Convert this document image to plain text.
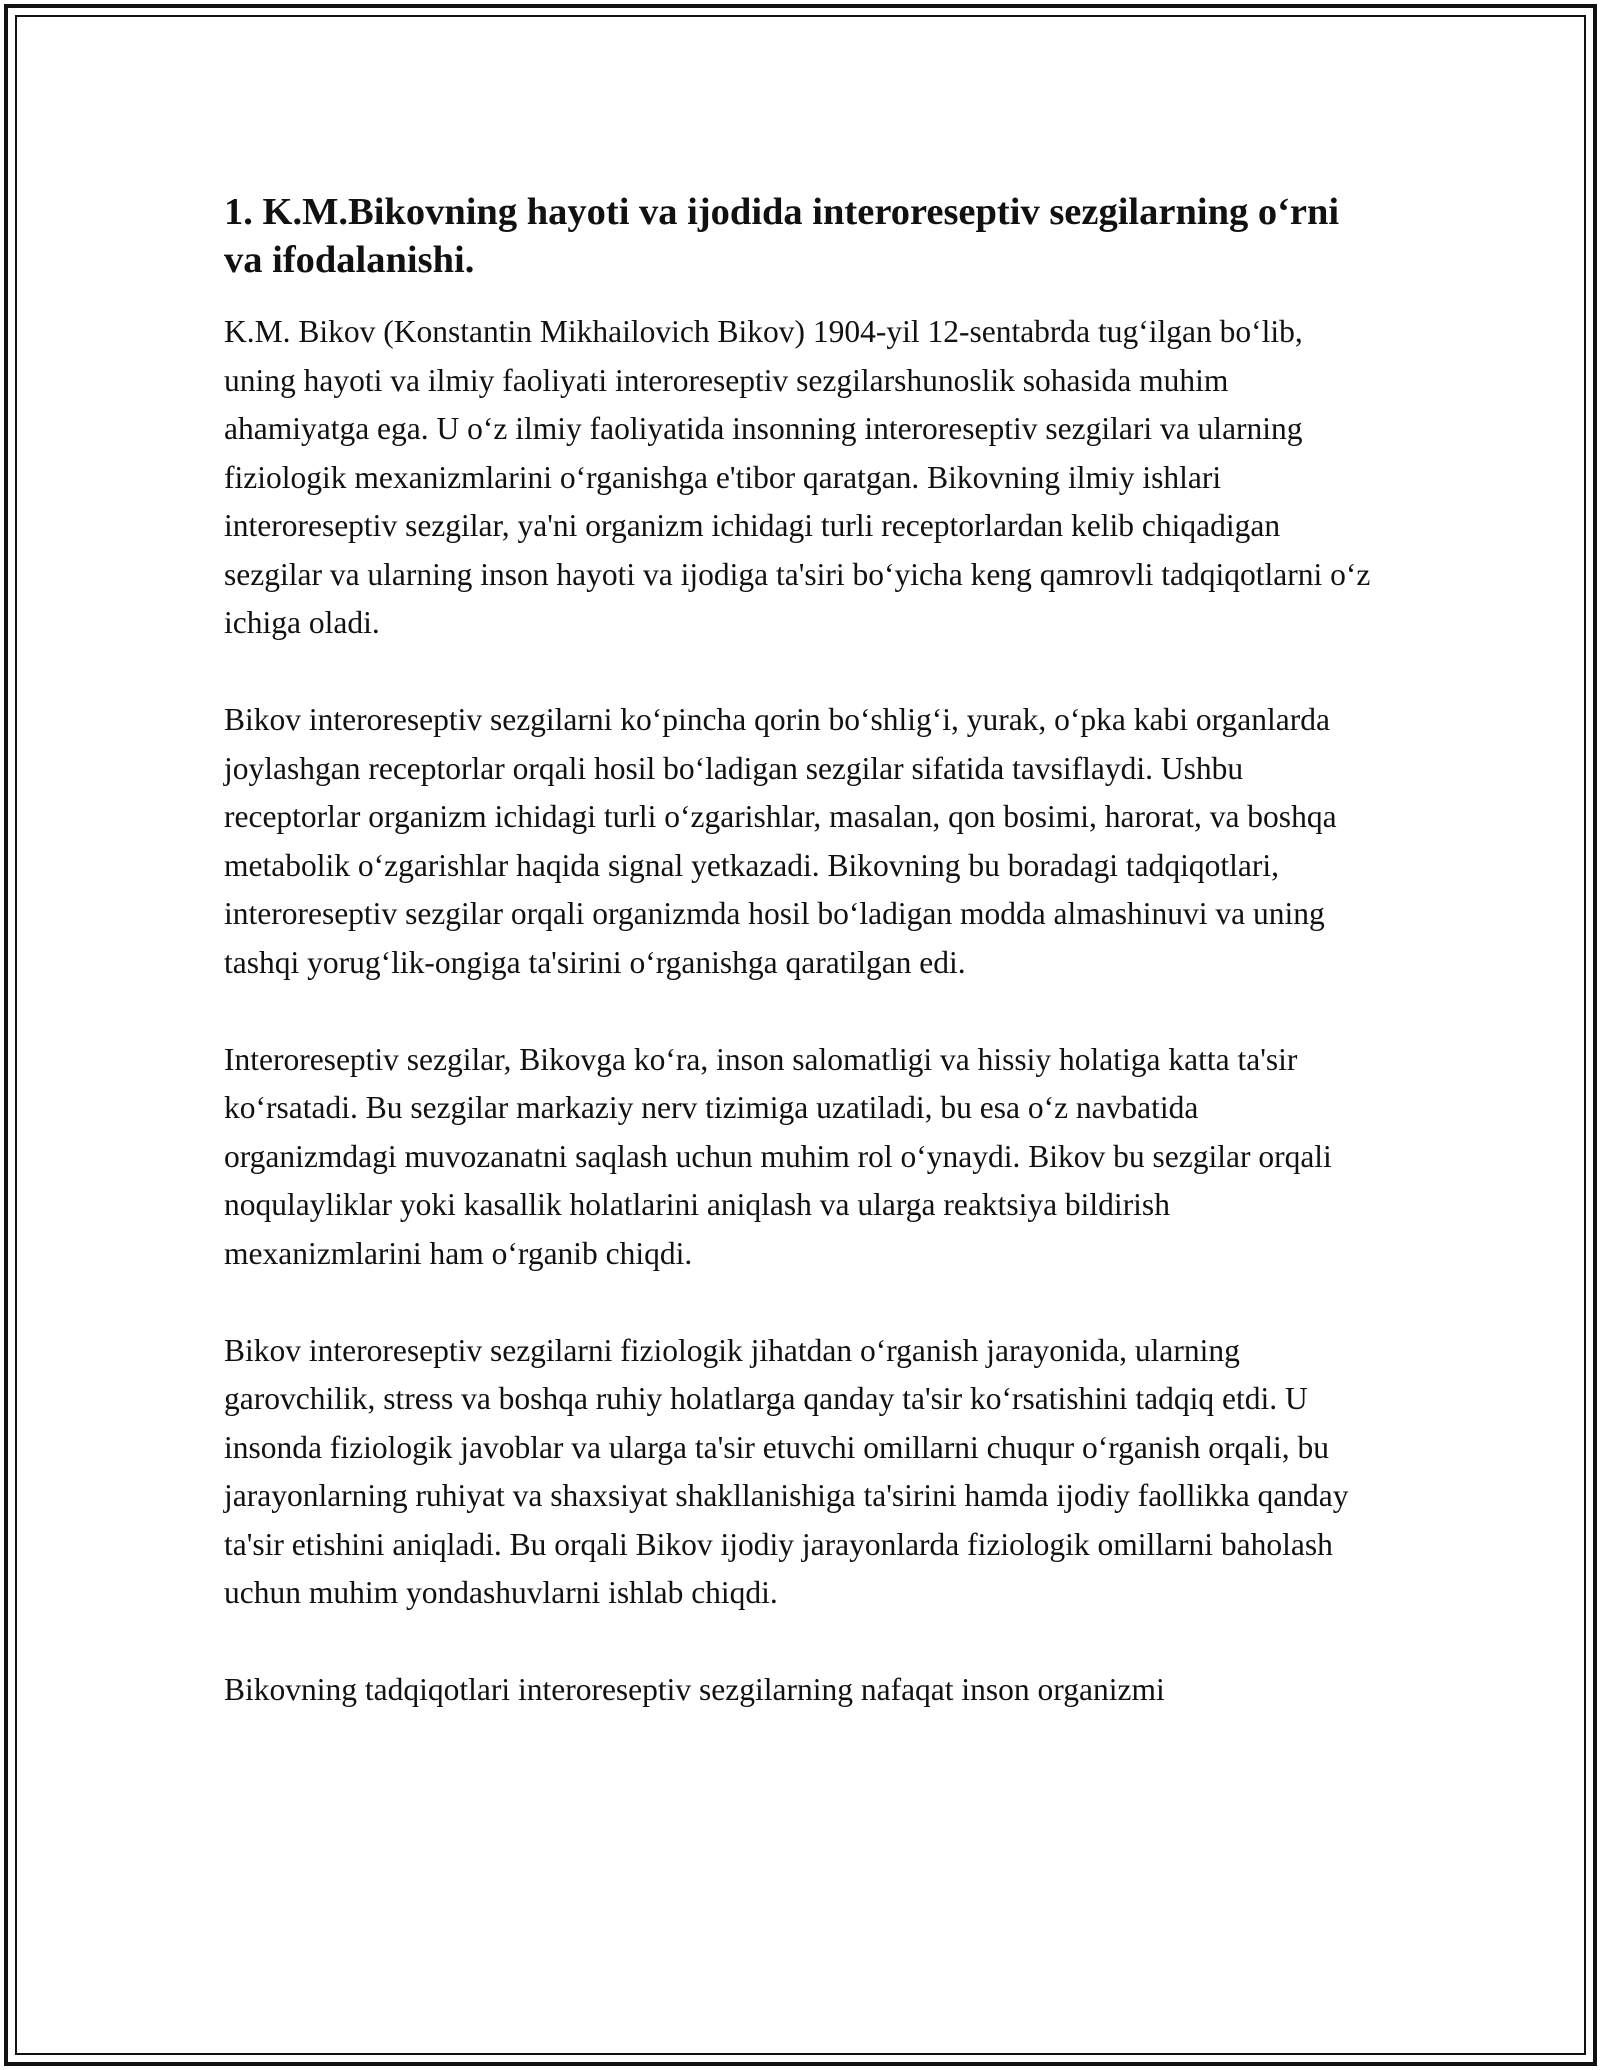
1. K.M.Bikovning hayoti va ijodida interoreseptiv sezgilarning o‘rni va ifodalanishi.
K.M. Bikov (Konstantin Mikhailovich Bikov) 1904-yil 12-sentabrda tug‘ilgan bo‘lib, uning hayoti va ilmiy faoliyati interoreseptiv sezgilarshunoslik sohasida muhim ahamiyatga ega. U o‘z ilmiy faoliyatida insonning interoreseptiv sezgilari va ularning fiziologik mexanizmlarini o‘rganishga e'tibor qaratgan. Bikovning ilmiy ishlari interoreseptiv sezgilar, ya'ni organizm ichidagi turli receptorlardan kelib chiqadigan sezgilar va ularning inson hayoti va ijodiga ta'siri bo‘yicha keng qamrovli tadqiqotlarni o‘z ichiga oladi.
Bikov interoreseptiv sezgilarni ko‘pincha qorin bo‘shlig‘i, yurak, o‘pka kabi organlarda joylashgan receptorlar orqali hosil bo‘ladigan sezgilar sifatida tavsiflaydi. Ushbu receptorlar organizm ichidagi turli o‘zgarishlar, masalan, qon bosimi, harorat, va boshqa metabolik o‘zgarishlar haqida signal yetkazadi. Bikovning bu boradagi tadqiqotlari, interoreseptiv sezgilar orqali organizmda hosil bo‘ladigan modda almashinuvi va uning tashqi yorug‘lik-ongiga ta'sirini o‘rganishga qaratilgan edi.
Interoreseptiv sezgilar, Bikovga ko‘ra, inson salomatligi va hissiy holatiga katta ta'sir ko‘rsatadi. Bu sezgilar markaziy nerv tizimiga uzatiladi, bu esa o‘z navbatida organizmdagi muvozanatni saqlash uchun muhim rol o‘ynaydi. Bikov bu sezgilar orqali noqulayliklar yoki kasallik holatlarini aniqlash va ularga reaktsiya bildirish mexanizmlarini ham o‘rganib chiqdi.
Bikov interoreseptiv sezgilarni fiziologik jihatdan o‘rganish jarayonida, ularning garovchilik, stress va boshqa ruhiy holatlarga qanday ta'sir ko‘rsatishini tadqiq etdi. U insonda fiziologik javoblar va ularga ta'sir etuvchi omillarni chuqur o‘rganish orqali, bu jarayonlarning ruhiyat va shaxsiyat shakllanishiga ta'sirini hamda ijodiy faollikka qanday ta'sir etishini aniqladi. Bu orqali Bikov ijodiy jarayonlarda fiziologik omillarni baholash uchun muhim yondashuvlarni ishlab chiqdi.
Bikovning tadqiqotlari interoreseptiv sezgilarning nafaqat inson organizmi
